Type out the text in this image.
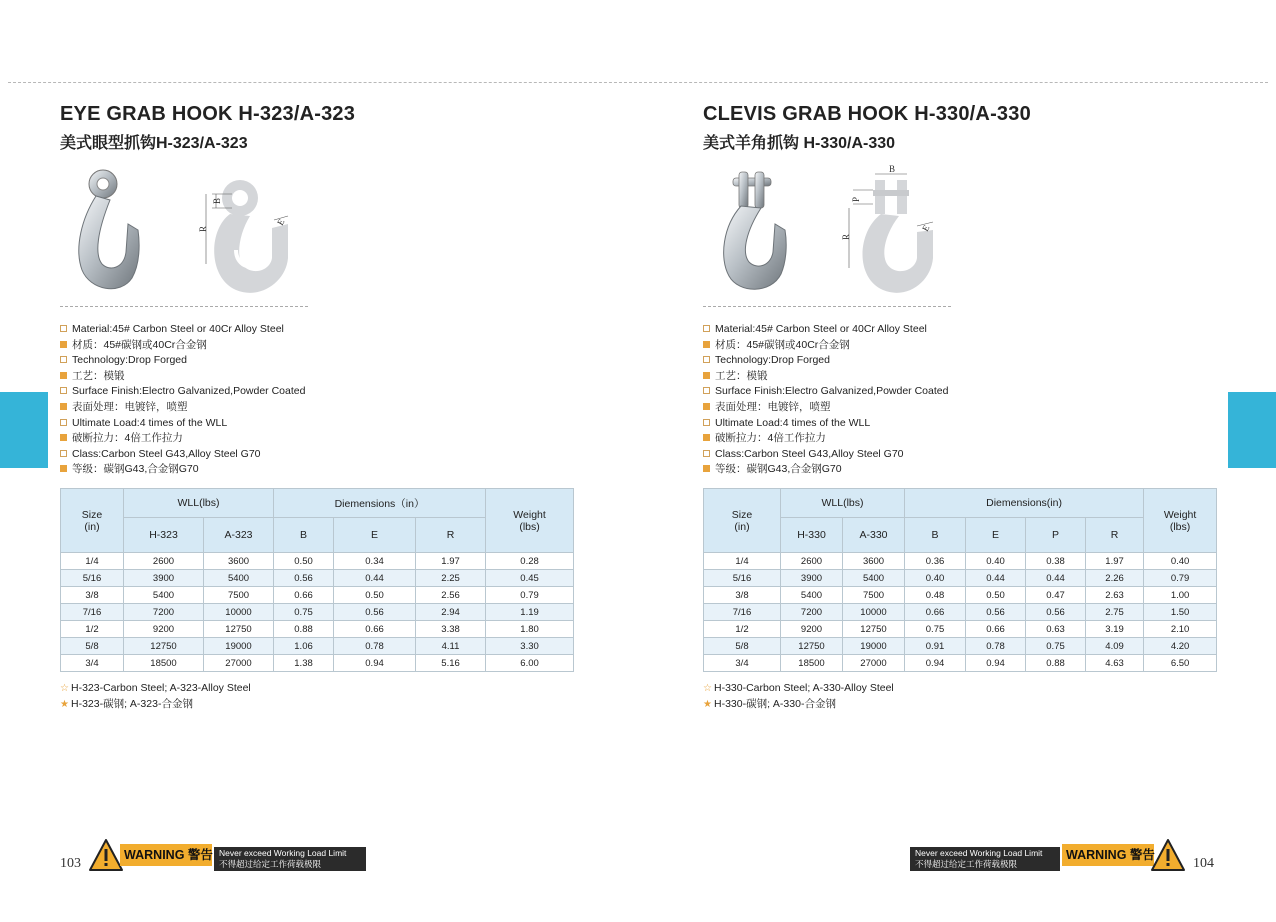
EYE GRAB HOOK H-323/A-323
美式眼型抓钩H-323/A-323
B
R
E
Material:45# Carbon Steel or 40Cr Alloy Steel
材质：45#碳钢或40Cr合金钢
Technology:Drop Forged
工艺：模锻
Surface Finish:Electro Galvanized,Powder Coated
表面处理：电镀锌，喷塑
Ultimate Load:4 times of the WLL
破断拉力：4倍工作拉力
Class:Carbon Steel G43,Alloy Steel G70
等级：碳钢G43,合金钢G70
Size
(in)	WLL(lbs)		Diemensions（in）			Weight
(lbs)
	H-323	A-323	B	E	R	
1/4	2600	3600	0.50	0.34	1.97	0.28
5/16	3900	5400	0.56	0.44	2.25	0.45
3/8	5400	7500	0.66	0.50	2.56	0.79
7/16	7200	10000	0.75	0.56	2.94	1.19
1/2	9200	12750	0.88	0.66	3.38	1.80
5/8	12750	19000	1.06	0.78	4.11	3.30
3/4	18500	27000	1.38	0.94	5.16	6.00
☆ H-323-Carbon Steel; A-323-Alloy Steel
★ H-323-碳钢; A-323-合金钢
CLEVIS GRAB HOOK H-330/A-330
美式羊角抓钩 H-330/A-330
B
P
R
E
Material:45# Carbon Steel or 40Cr Alloy Steel
材质：45#碳钢或40Cr合金钢
Technology:Drop Forged
工艺：模锻
Surface Finish:Electro Galvanized,Powder Coated
表面处理：电镀锌，喷塑
Ultimate Load:4 times of the WLL
破断拉力：4倍工作拉力
Class:Carbon Steel G43,Alloy Steel G70
等级：碳钢G43,合金钢G70
Size
(in)	WLL(lbs)		Diemensions(in)				Weight
(lbs)
	H-330	A-330	B	E	P	R	
1/4	2600	3600	0.36	0.40	0.38	1.97	0.40
5/16	3900	5400	0.40	0.44	0.44	2.26	0.79
3/8	5400	7500	0.48	0.50	0.47	2.63	1.00
7/16	7200	10000	0.66	0.56	0.56	2.75	1.50
1/2	9200	12750	0.75	0.66	0.63	3.19	2.10
5/8	12750	19000	0.91	0.78	0.75	4.09	4.20
3/4	18500	27000	0.94	0.94	0.88	4.63	6.50
☆ H-330-Carbon Steel; A-330-Alloy Steel
★ H-330-碳钢; A-330-合金钢
103
WARNING 警告 Never exceed Working Load Limit
不得超过给定工作荷载极限
Never exceed Working Load Limit
不得超过给定工作荷载极限
WARNING 警告
104
